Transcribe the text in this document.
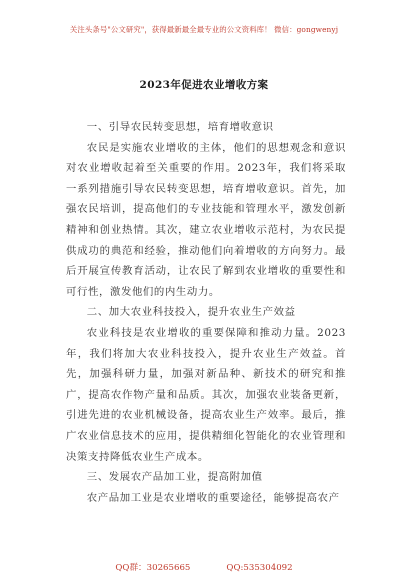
关注头条号"公文研究"，获得最新最全最专业的公文资料库！ 微信：gongwenyj
2023年促进农业增收方案

一、引导农民转变思想，培育增收意识

农民是实施农业增收的主体，他们的思想观念和意识对农业增收起着至关重要的作用。2023年，我们将采取一系列措施引导农民转变思想，培育增收意识。首先，加强农民培训，提高他们的专业技能和管理水平，激发创新精神和创业热情。其次，建立农业增收示范村，为农民提供成功的典范和经验，推动他们向着增收的方向努力。最后开展宣传教育活动，让农民了解到农业增收的重要性和可行性，激发他们的内生动力。

二、加大农业科技投入，提升农业生产效益

农业科技是农业增收的重要保障和推动力量。2023年，我们将加大农业科技投入，提升农业生产效益。首先，加强科研力量，加强对新品种、新技术的研究和推广，提高农作物产量和品质。其次，加强农业装备更新，引进先进的农业机械设备，提高农业生产效率。最后，推广农业信息技术的应用，提供精细化智能化的农业管理和决策支持降低农业生产成本。

三、发展农产品加工业，提高附加值

农产品加工业是农业增收的重要途径，能够提高农产

QQ群：30265665	QQ:535304092
